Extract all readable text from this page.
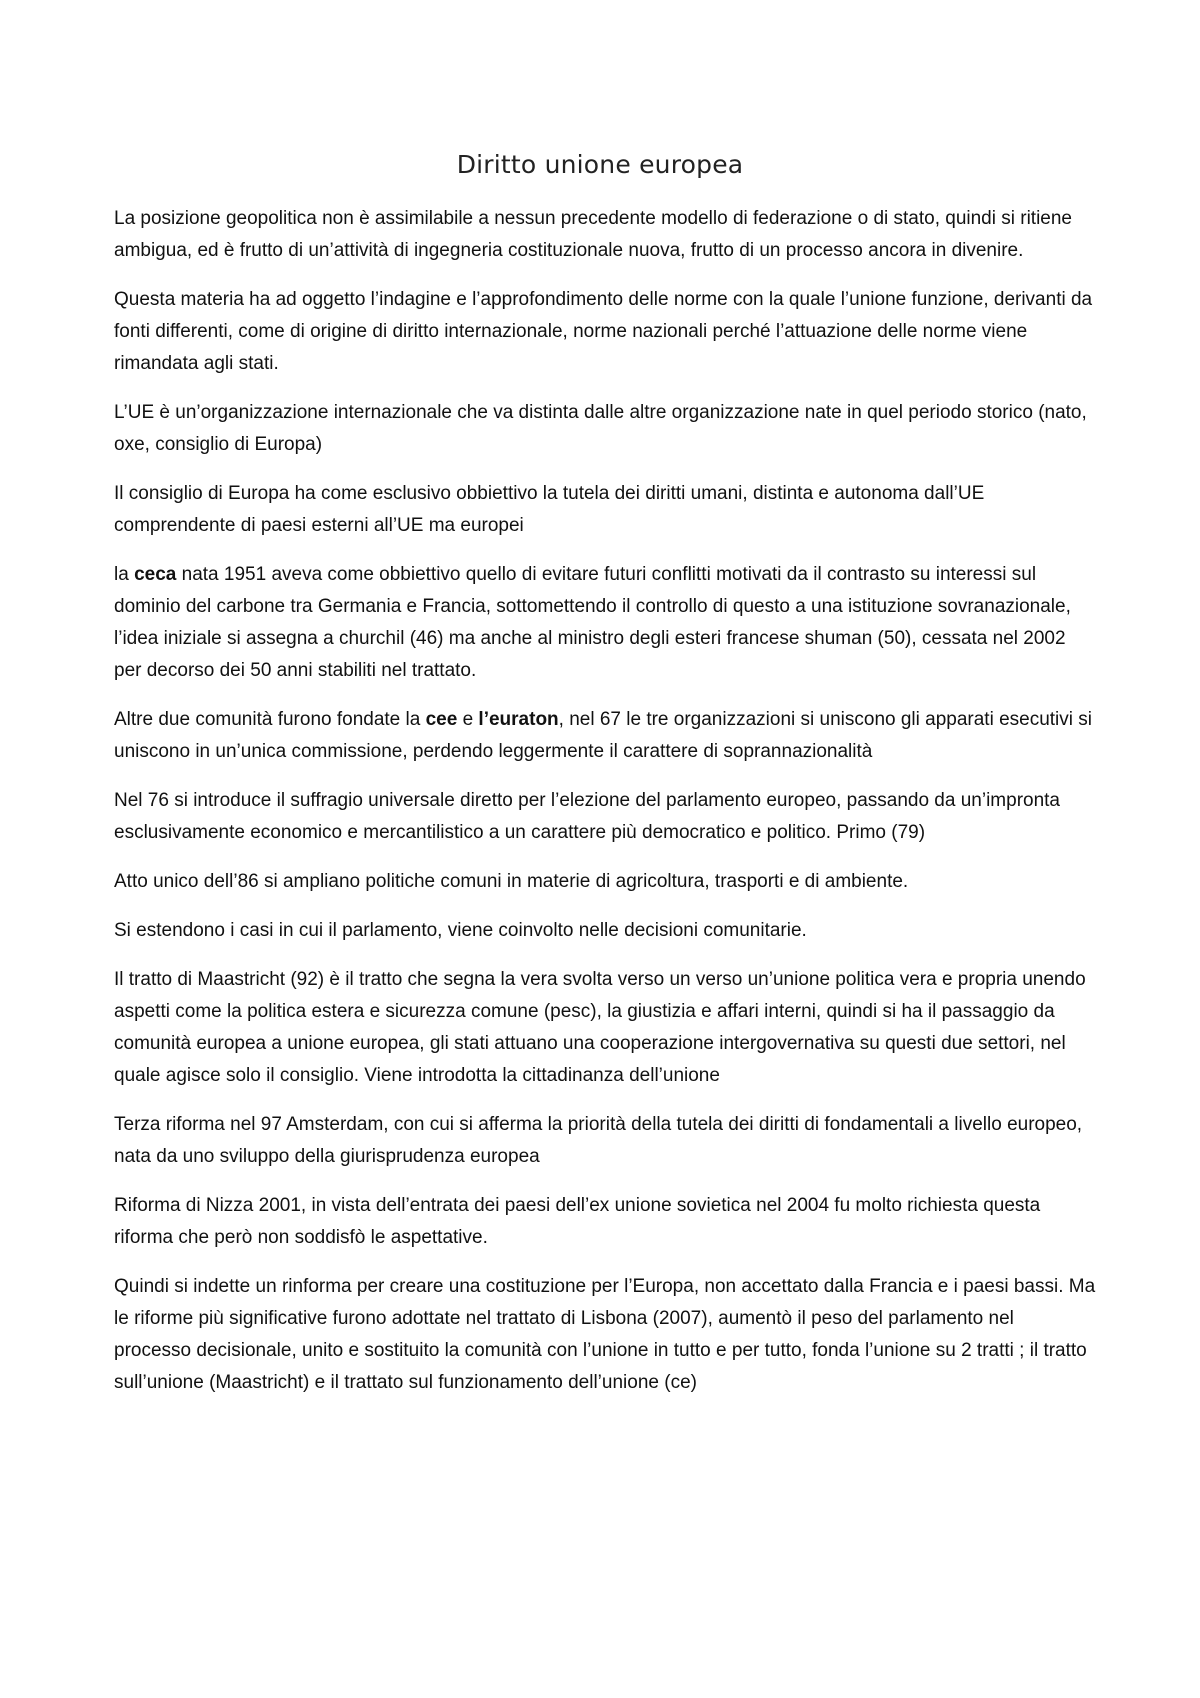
Diritto unione europea

La posizione geopolitica non è assimilabile a nessun precedente modello di federazione o di stato, quindi si ritiene ambigua, ed è frutto di un’attività di ingegneria costituzionale nuova, frutto di un processo ancora in divenire.

Questa materia ha ad oggetto l’indagine e l’approfondimento delle norme con la quale l’unione funzione, derivanti da fonti differenti, come di origine di diritto internazionale, norme nazionali perché l’attuazione delle norme viene rimandata agli stati.

L’UE è un’organizzazione internazionale che va distinta dalle altre organizzazione nate in quel periodo storico (nato, oxe, consiglio di Europa)

Il consiglio di Europa ha come esclusivo obbiettivo la tutela dei diritti umani, distinta e autonoma dall’UE comprendente di paesi esterni all’UE ma europei

la ceca nata 1951 aveva come obbiettivo quello di evitare futuri conflitti motivati da il contrasto su interessi sul dominio del carbone tra Germania e Francia, sottomettendo il controllo di questo a una istituzione sovranazionale, l’idea iniziale si assegna a churchil (46) ma anche al ministro degli esteri francese shuman (50), cessata nel 2002 per decorso dei 50 anni stabiliti nel trattato.

Altre due comunità furono fondate la cee e l’euraton, nel 67 le tre organizzazioni si uniscono gli apparati esecutivi si uniscono in un’unica commissione, perdendo leggermente il carattere di soprannazionalità

Nel 76 si introduce il suffragio universale diretto per l’elezione del parlamento europeo, passando da un’impronta esclusivamente economico e mercantilistico a un carattere più democratico e politico. Primo (79)

Atto unico dell’86 si ampliano politiche comuni in materie di agricoltura, trasporti e di ambiente.

Si estendono i casi in cui il parlamento, viene coinvolto nelle decisioni comunitarie.

Il tratto di Maastricht (92) è il tratto che segna la vera svolta verso un verso un’unione politica vera e propria unendo aspetti come la politica estera e sicurezza comune (pesc), la giustizia e affari interni, quindi si ha il passaggio da comunità europea a unione europea, gli stati attuano una cooperazione intergovernativa su questi due settori, nel quale agisce solo il consiglio. Viene introdotta la cittadinanza dell’unione

Terza riforma nel 97 Amsterdam, con cui si afferma la priorità della tutela dei diritti di fondamentali a livello europeo, nata da uno sviluppo della giurisprudenza europea

Riforma di Nizza 2001, in vista dell’entrata dei paesi dell’ex unione sovietica nel 2004 fu molto richiesta questa riforma che però non soddisfò le aspettative.

Quindi si indette un rinforma per creare una costituzione per l’Europa, non accettato dalla Francia e i paesi bassi. Ma le riforme più significative furono adottate nel trattato di Lisbona (2007), aumentò il peso del parlamento nel processo decisionale, unito e sostituito la comunità con l’unione in tutto e per tutto, fonda l’unione su 2 tratti ; il tratto sull’unione (Maastricht) e il trattato sul funzionamento dell’unione (ce)
